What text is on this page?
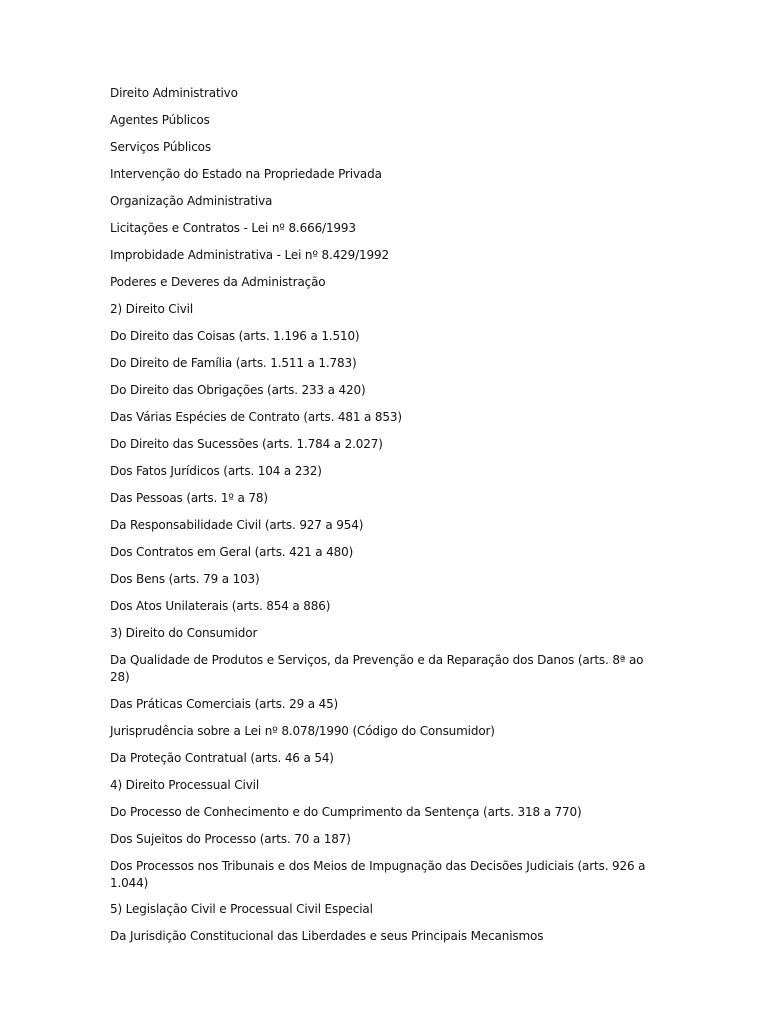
Direito Administrativo

Agentes Públicos

Serviços Públicos

Intervenção do Estado na Propriedade Privada

Organização Administrativa

Licitações e Contratos - Lei nº 8.666/1993

Improbidade Administrativa - Lei nº 8.429/1992

Poderes e Deveres da Administração

2) Direito Civil

Do Direito das Coisas (arts. 1.196 a 1.510)

Do Direito de Família (arts. 1.511 a 1.783)

Do Direito das Obrigações (arts. 233 a 420)

Das Várias Espécies de Contrato (arts. 481 a 853)

Do Direito das Sucessões (arts. 1.784 a 2.027)

Dos Fatos Jurídicos (arts. 104 a 232)

Das Pessoas (arts. 1º a 78)

Da Responsabilidade Civil (arts. 927 a 954)

Dos Contratos em Geral (arts. 421 a 480)

Dos Bens (arts. 79 a 103)

Dos Atos Unilaterais (arts. 854 a 886)

3) Direito do Consumidor

Da Qualidade de Produtos e Serviços, da Prevenção e da Reparação dos Danos (arts. 8ª ao 28)

Das Práticas Comerciais (arts. 29 a 45)

Jurisprudência sobre a Lei nº 8.078/1990 (Código do Consumidor)

Da Proteção Contratual (arts. 46 a 54)

4) Direito Processual Civil

Do Processo de Conhecimento e do Cumprimento da Sentença (arts. 318 a 770)

Dos Sujeitos do Processo (arts. 70 a 187)

Dos Processos nos Tribunais e dos Meios de Impugnação das Decisões Judiciais (arts. 926 a 1.044)

5) Legislação Civil e Processual Civil Especial

Da Jurisdição Constitucional das Liberdades e seus Principais Mecanismos
